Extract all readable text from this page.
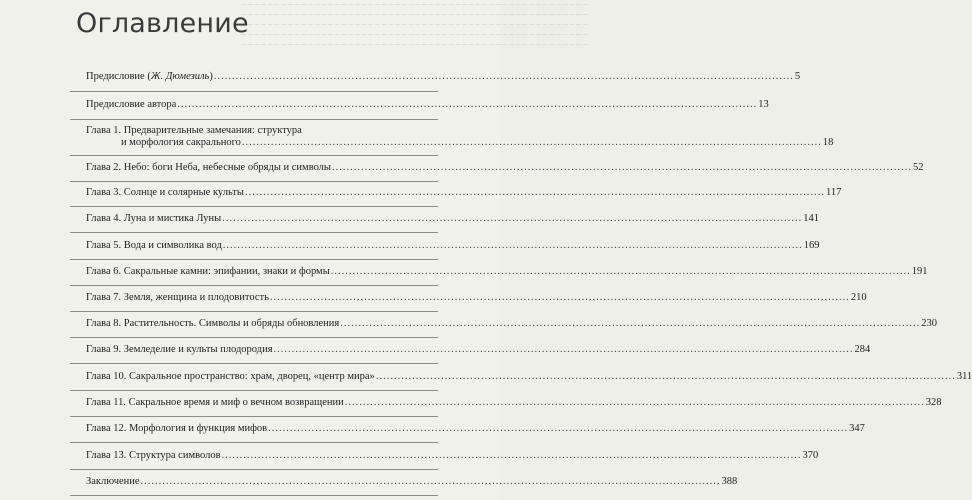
~~~~~~~~~~~~~~~~~~~~~~~~~~~~~~~~~~~~~~~~~~~~~~~~~~~~
~~~~~~~~~~~~~~~~~~~~~~~~~~~~~~~~~~~~~~~~~~~~~~~~~~~~
~~~~~~~~~~~~~~~~~~~~~~~~~~~~~~~~~~~~~~~~~~~~~~~~~~~~
~~~~~~~~~~~~~~~~~~~~~~~~~~~~~~~~~~~~~~~~~~~~~~~~~~~~
~~~~~~~~~~~~~~~~~~~~~~~~~~~~~~~~~~~~~~~~~~~~~~~~~~~~
Оглавление
Предисловие (Ж. Дюмезиль) .....	5
Предисловие автора .....	13
Глава 1. Предварительные замечания: структура
и морфология сакрального .....	18
Глава 2. Небо: боги Неба, небесные обряды и символы .....	52
Глава 3. Солнце и солярные культы .....	117
Глава 4. Луна и мистика Луны .....	141
Глава 5. Вода и символика вод .....	169
Глава 6. Сакральные камни: эпифании, знаки и формы .....	191
Глава 7. Земля, женщина и плодовитость .....	210
Глава 8. Растительность. Символы и обряды обновления .....	230
Глава 9. Земледелие и культы плодородия .....	284
Глава 10. Сакральное пространство: храм, дворец, «центр мира» .....	311
Глава 11. Сакральное время и миф о вечном возвращении .....	328
Глава 12. Морфология и функция мифов .....	347
Глава 13. Структура символов .....	370
Заключение .....	388
